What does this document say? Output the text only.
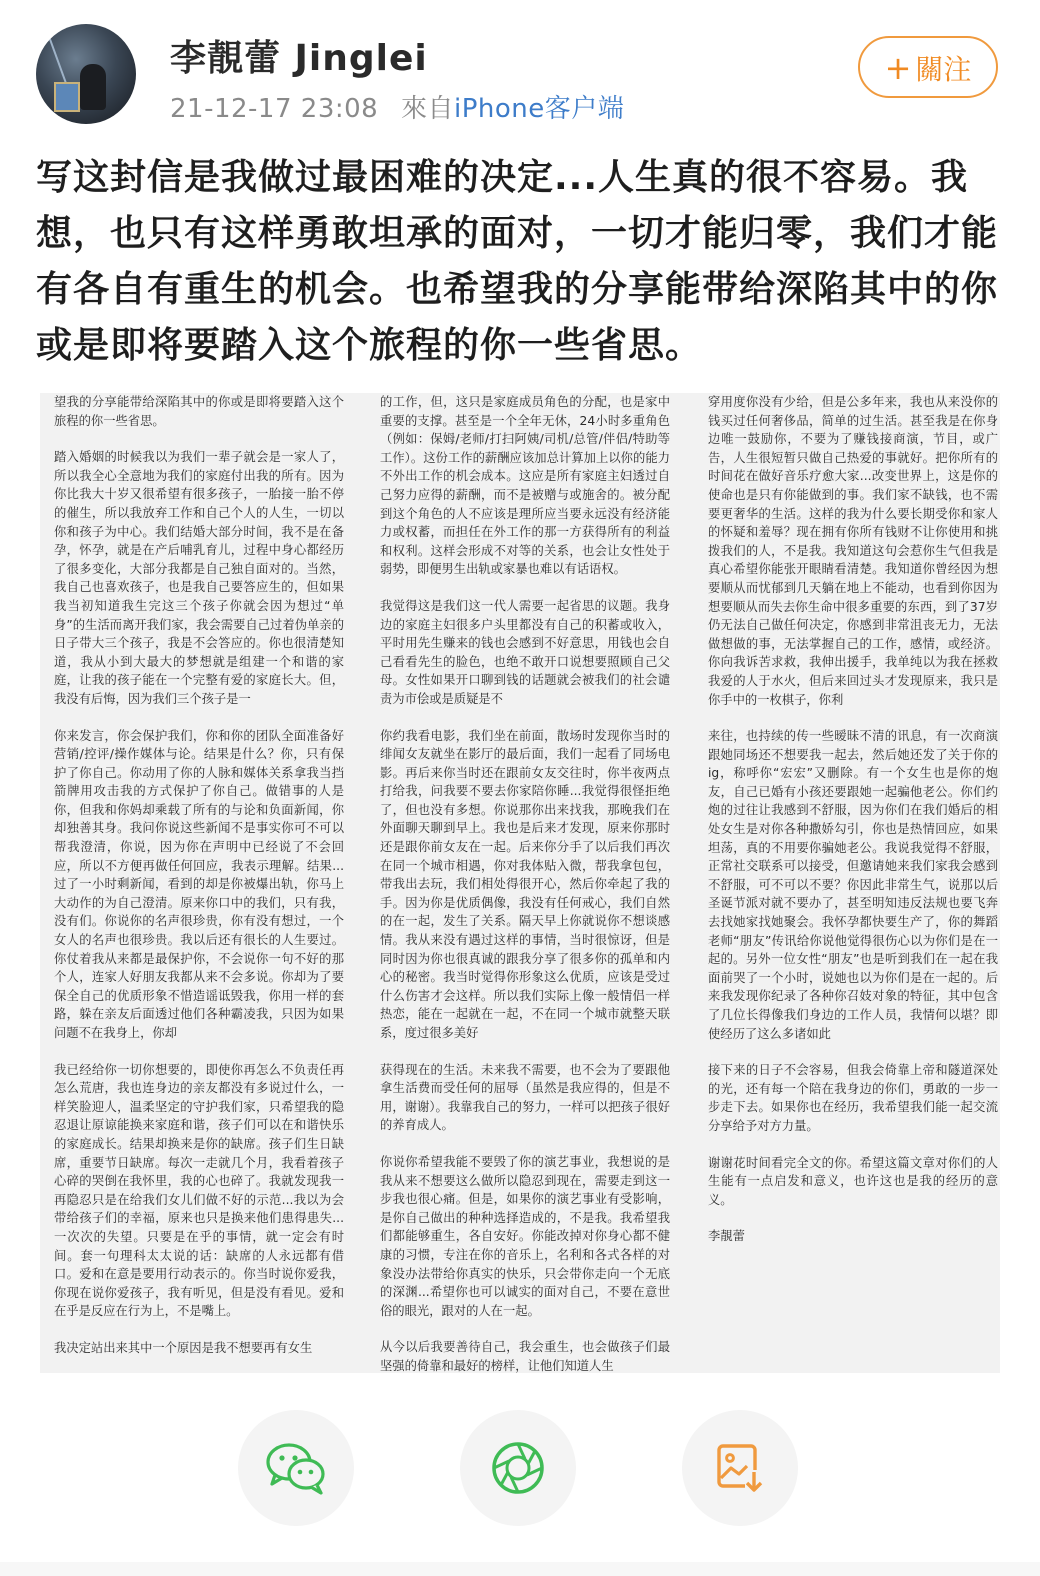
李靚蕾 Jinglei
21-12-17 23:08 來自iPhone客户端
+ 關注
写这封信是我做过最困难的决定...人生真的很不容易。我想，也只有这样勇敢坦承的面对，一切才能归零，我们才能有各自有重生的机会。也希望我的分享能带给深陷其中的你或是即将要踏入这个旅程的你一些省思。

望我的分享能带给深陷其中的你或是即将要踏入这个旅程的你一些省思。

踏入婚姻的时候我以为我们一辈子就会是一家人了，所以我全心全意地为我们的家庭付出我的所有。因为你比我大十岁又很希望有很多孩子，一胎接一胎不停的催生，所以我放弃工作和自己个人的人生，一切以你和孩子为中心。我们结婚大部分时间，我不是在备孕，怀孕，就是在产后哺乳育儿，过程中身心都经历了很多变化，大部分我都是自己独自面对的。当然，我自己也喜欢孩子，也是我自己要答应生的，但如果我当初知道我生完这三个孩子你就会因为想过“单身”的生活而离开我们家，我会需要自己过着伪单亲的日子带大三个孩子，我是不会答应的。你也很清楚知道，我从小到大最大的梦想就是组建一个和谐的家庭，让我的孩子能在一个完整有爱的家庭长大。但，我没有后悔，因为我们三个孩子是一

你来发言，你会保护我们，你和你的团队全面准备好营销/控评/操作媒体与论。结果是什么？你，只有保护了你自己。你动用了你的人脉和媒体关系拿我当挡箭牌用攻击我的方式保护了你自己。做错事的人是你，但我和你妈却乘载了所有的与论和负面新闻，你却独善其身。我问你说这些新闻不是事实你可不可以帮我澄清，你说，因为你在声明中已经说了不会回应，所以不方便再做任何回应，我表示理解。结果...过了一小时剩新闻，看到的却是你被爆出轨，你马上大动作的为自己澄清。原来你口中的我们，只有我，没有们。你说你的名声很珍贵，你有没有想过，一个女人的名声也很珍贵。我以后还有很长的人生要过。你仗着我从来都是最保护你，不会说你一句不好的那个人，连家人好朋友我都从来不会多说。你却为了要保全自己的优质形象不惜造谣诋毁我，你用一样的套路，躲在亲友后面透过他们各种霸凌我，只因为如果问题不在我身上，你却

我已经给你一切你想要的，即使你再怎么不负责任再怎么荒唐，我也连身边的亲友都没有多说过什么，一样笑脸迎人，温柔坚定的守护我们家，只希望我的隐忍退让原谅能换来家庭和谐，孩子们可以在和谐快乐的家庭成长。结果却换来是你的缺席。孩子们生日缺席，重要节日缺席。每次一走就几个月，我看着孩子心碎的哭倒在我怀里，我的心也碎了。我就发现我一再隐忍只是在给我们女儿们做不好的示范...我以为会带给孩子们的幸福，原来也只是换来他们患得患失...一次次的失望。只要是在乎的事情，就一定会有时间。套一句理科太太说的话：缺席的人永远都有借口。爱和在意是要用行动表示的。你当时说你爱我，你现在说你爱孩子，我有听见，但是没有看见。爱和在乎是反应在行为上，不是嘴上。

我决定站出来其中一个原因是我不想要再有女生

的工作，但，这只是家庭成员角色的分配，也是家中重要的支撑。甚至是一个全年无休，24小时多重角色（例如：保姆/老师/打扫阿姨/司机/总管/伴侣/特助等工作）。这份工作的薪酬应该加总计算加上以你的能力不外出工作的机会成本。这应是所有家庭主妇透过自己努力应得的薪酬，而不是被赠与或施舍的。被分配到这个角色的人不应该是理所应当要永远没有经济能力或权蓄，而担任在外工作的那一方获得所有的利益和权利。这样会形成不对等的关系，也会让女性处于弱势，即便男生出轨或家暴也难以有话语权。

我觉得这是我们这一代人需要一起省思的议题。我身边的家庭主妇很多户头里都没有自己的积蓄或收入，平时用先生赚来的钱也会感到不好意思，用钱也会自己看看先生的脸色，也绝不敢开口说想要照顾自己父母。女性如果开口聊到钱的话题就会被我们的社会谴责为市侩或是质疑是不

你约我看电影，我们坐在前面，散场时发现你当时的绯闻女友就坐在影厅的最后面，我们一起看了同场电影。再后来你当时还在跟前女友交往时，你半夜两点打给我，问我要不要去你家陪你睡...我觉得很怪拒绝了，但也没有多想。你说那你出来找我，那晚我们在外面聊天聊到早上。我也是后来才发现，原来你那时还是跟你前女友在一起。后来你分手了以后我们再次在同一个城市相遇，你对我体贴入微，帮我拿包包，带我出去玩，我们相处得很开心，然后你牵起了我的手。因为你是优质偶像，我没有任何戒心，我们自然的在一起，发生了关系。隔天早上你就说你不想谈感情。我从来没有遇过这样的事情，当时很惊讶，但是同时因为你也很真诚的跟我分享了很多你的孤单和内心的秘密。我当时觉得你形象这么优质，应该是受过什么伤害才会这样。所以我们实际上像一般情侣一样热恋，能在一起就在一起，不在同一个城市就整天联系，度过很多美好

获得现在的生活。未来我不需要，也不会为了要跟他拿生活费而受任何的屈辱（虽然是我应得的，但是不用，谢谢）。我靠我自己的努力，一样可以把孩子很好的养育成人。

你说你希望我能不要毁了你的演艺事业，我想说的是我从来不想要这么做所以隐忍到现在，需要走到这一步我也很心痛。但是，如果你的演艺事业有受影响，是你自己做出的种种选择造成的，不是我。我希望我们都能够重生，各自安好。你能改掉对你身心都不健康的习惯，专注在你的音乐上，名利和各式各样的对象没办法带给你真实的快乐，只会带你走向一个无底的深渊...希望你也可以诚实的面对自己，不要在意世俗的眼光，跟对的人在一起。

从今以后我要善待自己，我会重生，也会做孩子们最坚强的倚靠和最好的榜样，让他们知道人生

穿用度你没有少给，但是公多年来，我也从来没你的钱买过任何奢侈品，简单的过生活。甚至我是在你身边唯一鼓励你，不要为了赚钱接商演，节目，或广告，人生很短暂只做自己热爱的事就好。把你所有的时间花在做好音乐疗愈大家...改变世界上，这是你的使命也是只有你能做到的事。我们家不缺钱，也不需要更奢华的生活。这样的我为什么要长期受你和家人的怀疑和羞辱？现在拥有你所有钱财不让你使用和挑拨我们的人，不是我。我知道这句会惹你生气但我是真心希望你能张开眼睛看清楚。我知道你曾经因为想要顺从而忧郁到几天躺在地上不能动，也看到你因为想要顺从而失去你生命中很多重要的东西，到了37岁仍无法自己做任何决定，你感到非常沮丧无力，无法做想做的事，无法掌握自己的工作，感情，或经济。你向我诉苦求救，我伸出援手，我单纯以为我在拯救我爱的人于水火，但后来回过头才发现原来，我只是你手中的一枚棋子，你利

来往，也持续的传一些暧昧不清的讯息，有一次商演跟她同场还不想要我一起去，然后她还发了关于你的ig，称呼你“宏宏”又删除。有一个女生也是你的炮友，自己已婚有小孩还要跟她一起骗他老公。你们约炮的过往让我感到不舒服，因为你们在我们婚后的相处女生是对你各种撒娇勾引，你也是热情回应，如果坦荡，真的不用要你骗她老公。我说我觉得不舒服，正常社交联系可以接受，但邀请她来我们家我会感到不舒服，可不可以不要？你因此非常生气，说那以后圣诞节派对就不要办了，甚至明知违反法规也要飞奔去找她家找她聚会。我怀孕都快要生产了，你的舞蹈老师“朋友”传讯给你说他觉得很伤心以为你们是在一起的。另外一位女性“朋友”也是听到我们在一起在我面前哭了一个小时，说她也以为你们是在一起的。后来我发现你纪录了各种你召妓对象的特征，其中包含了几位长得像我们身边的工作人员，我情何以堪？即使经历了这么多诸如此

接下来的日子不会容易，但我会倚靠上帝和隧道深处的光，还有每一个陪在我身边的你们，勇敢的一步一步走下去。如果你也在经历，我希望我们能一起交流分享给予对方力量。

谢谢花时间看完全文的你。希望这篇文章对你们的人生能有一点启发和意义，也许这也是我的经历的意义。

李靚蕾
